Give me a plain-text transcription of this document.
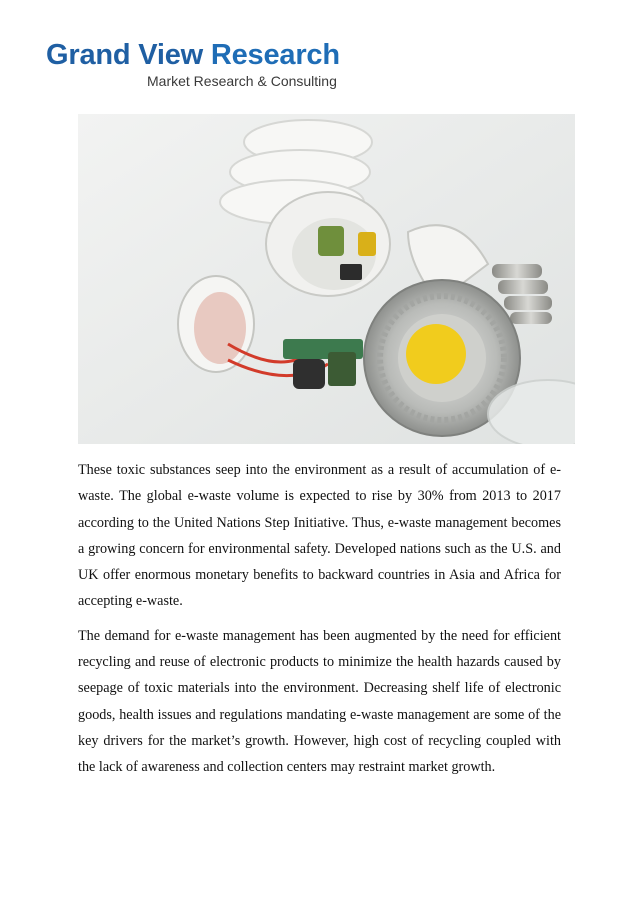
Grand View Research
Market Research & Consulting

These toxic substances seep into the environment as a result of accumulation of e-waste. The global e-waste volume is expected to rise by 30% from 2013 to 2017 according to the United Nations Step Initiative. Thus, e-waste management becomes a growing concern for environmental safety. Developed nations such as the U.S. and UK offer enormous monetary benefits to backward countries in Asia and Africa for accepting e-waste.

The demand for e-waste management has been augmented by the need for efficient recycling and reuse of electronic products to minimize the health hazards caused by seepage of toxic materials into the environment. Decreasing shelf life of electronic goods, health issues and regulations mandating e-waste management are some of the key drivers for the market’s growth. However, high cost of recycling coupled with the lack of awareness and collection centers may restraint market growth.
